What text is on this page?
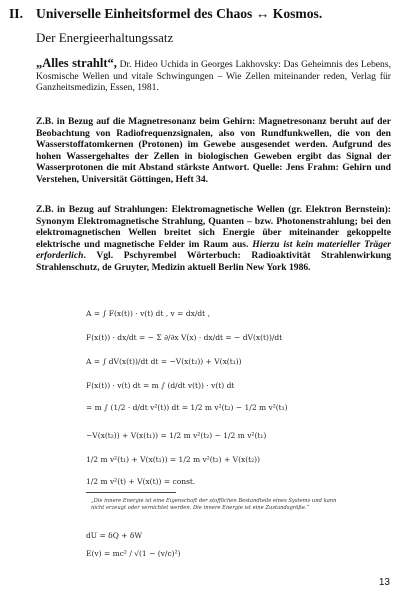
II. Universelle Einheitsformel des Chaos ↔ Kosmos.
Der Energieerhaltungssatz
„Alles strahlt“, Dr. Hideo Uchida in Georges Lakhovsky: Das Geheimnis des Lebens, Kosmische Wellen und vitale Schwingungen – Wie Zellen miteinander reden, Verlag für Ganzheitsmedizin, Essen, 1981.
Z.B. in Bezug auf die Magnetresonanz beim Gehirn: Magnetresonanz beruht auf der Beobachtung von Radiofrequenzsignalen, also von Rundfunkwellen, die von den Wasserstoffatomkernen (Protonen) im Gewebe ausgesendet werden. Aufgrund des hohen Wassergehaltes der Zellen in biologischen Geweben ergibt das Signal der Wasserprotonen die mit Abstand stärkste Antwort. Quelle: Jens Frahm: Gehirn und Verstehen, Universität Göttingen, Heft 34.
Z.B. in Bezug auf Strahlungen: Elektromagnetische Wellen (gr. Elektron Bernstein): Synonym Elektromagnetische Strahlung, Quanten – bzw. Photonenstrahlung; bei den elektromagnetischen Wellen breitet sich Energie über miteinander gekoppelte elektrische und magnetische Felder im Raum aus. Hierzu ist kein materieller Träger erforderlich. Vgl. Pschyrembel Wörterbuch: Radioaktivität Strahlenwirkung Strahlenschutz, de Gruyter, Medizin aktuell Berlin New York 1986.
A = ∫ F(x(t)) · v(t) dt , v = dx/dt ,
F(x(t)) · dx/dt = − Σ ∂/∂x V(x) · dx/dt = − dV(x(t))/dt
A = ∫ dV(x(t))/dt dt = −V(x(t₂)) + V(x(t₁))
F(x(t)) · v(t) dt = m ∫ (d/dt v(t)) · v(t) dt
= m ∫ (1/2 · d/dt v²(t)) dt = 1/2 m v²(t₂) − 1/2 m v²(t₁)
−V(x(t₂)) + V(x(t₁)) = 1/2 m v²(t₂) − 1/2 m v²(t₁)
1/2 m v²(t₁) + V(x(t₁)) = 1/2 m v²(t₂) + V(x(t₂))
1/2 m v²(t) + V(x(t)) = const.
„Die innere Energie ist eine Eigenschaft der stofflichen Bestandteile eines Systems und kann nicht erzeugt oder vernichtet werden. Die innere Energie ist eine Zustandsgröße.“
dU = δQ + δW
E(v) = mc² / √(1 − (v/c)²)
13
